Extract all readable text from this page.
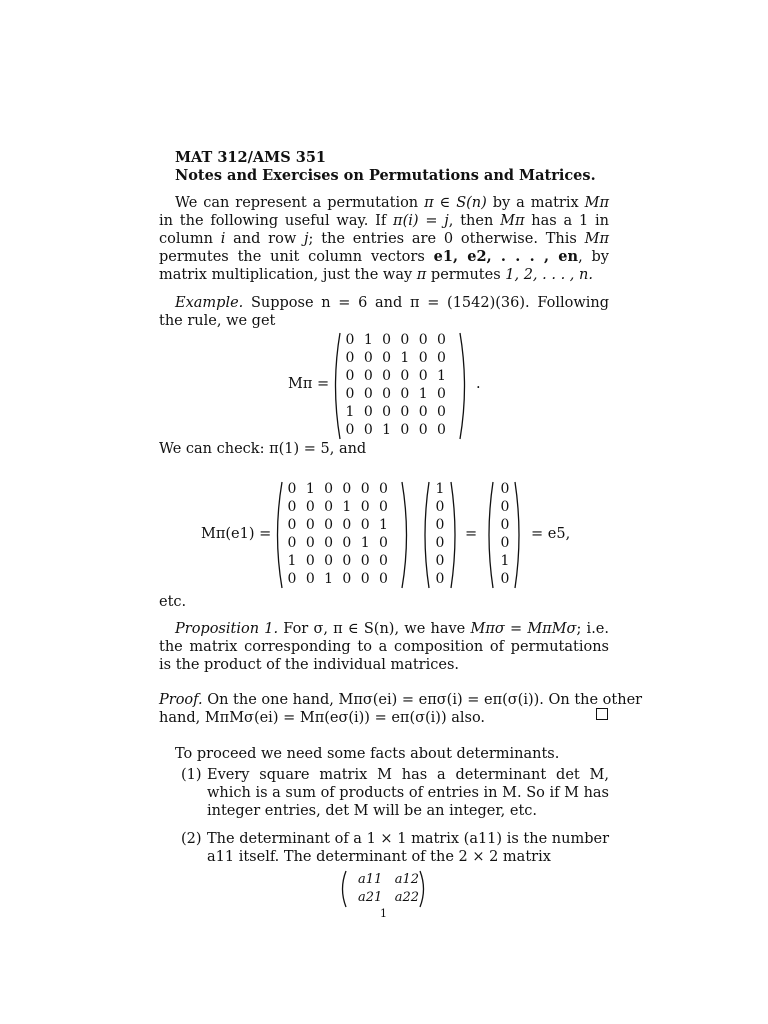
MAT 312/AMS 351
Notes and Exercises on Permutations and Matrices.
We can represent a permutation π ∈ S(n) by a matrix Mπ in the following useful way. If π(i) = j, then Mπ has a 1 in column i and row j; the entries are 0 otherwise. This Mπ permutes the unit column vectors e1, e2, . . . , en, by matrix multiplication, just the way π permutes 1, 2, . . . , n.
Example. Suppose n = 6 and π = (1542)(36). Following the rule, we get
Mπ =
0 1 0 0 0 0
0 0 0 1 0 0
0 0 0 0 0 1
0 0 0 0 1 0
1 0 0 0 0 0
0 0 1 0 0 0
.
We can check: π(1) = 5, and
Mπ(e1) =
0 1 0 0 0 0
0 0 0 1 0 0
0 0 0 0 0 1
0 0 0 0 1 0
1 0 0 0 0 0
0 0 1 0 0 0
1
0
0
0
0
0
=
0
0
0
0
1
0
= e5,
etc.
Proposition 1. For σ, π ∈ S(n), we have Mπσ = MπMσ; i.e. the matrix corresponding to a composition of permutations is the product of the individual matrices.
Proof. On the one hand, Mπσ(ei) = eπσ(i) = eπ(σ(i)). On the other
hand, MπMσ(ei) = Mπ(eσ(i)) = eπ(σ(i)) also.
To proceed we need some facts about determinants.
(1) Every square matrix M has a determinant det M, which is a sum of products of entries in M. So if M has integer entries, det M will be an integer, etc.
(2) The determinant of a 1 × 1 matrix (a11) is the number a11 itself. The determinant of the 2 × 2 matrix
a11 a12
a21 a22
1
